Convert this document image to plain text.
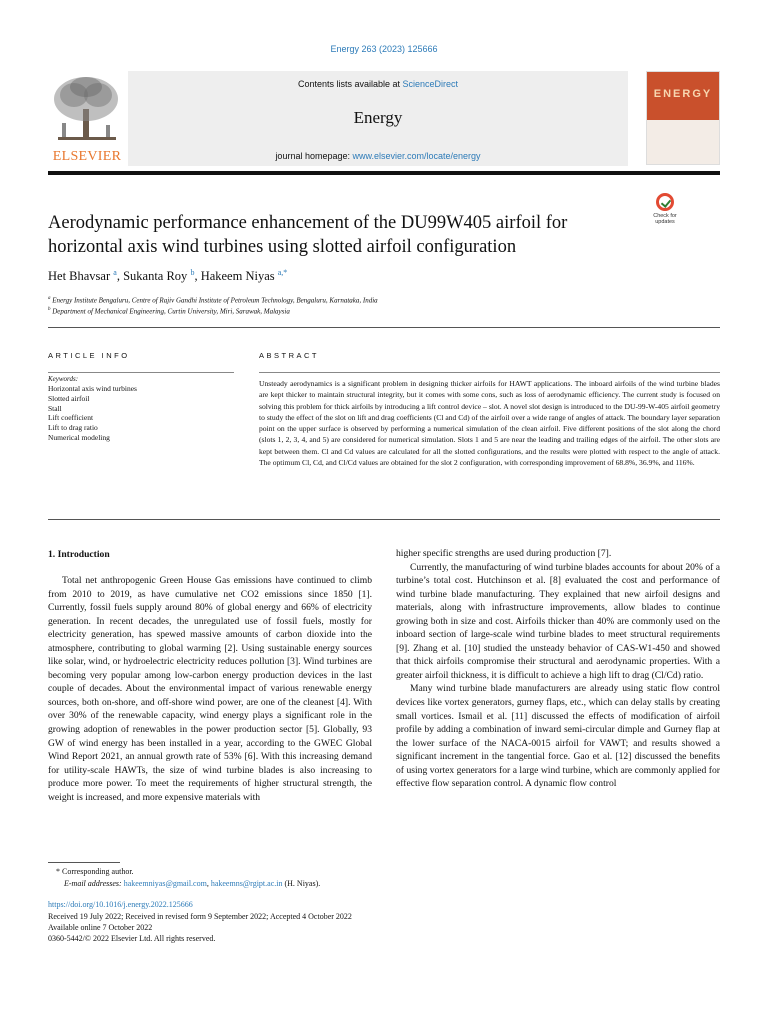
Energy 263 (2023) 125666
ELSEVIER
Contents lists available at ScienceDirect
Energy
journal homepage: www.elsevier.com/locate/energy
ENERGY
Aerodynamic performance enhancement of the DU99W405 airfoil for
horizontal axis wind turbines using slotted airfoil configuration
Check for
updates
Het Bhavsar $^a$, Sukanta Roy $^b$, Hakeem Niyas $^{a,*}$
$^a$ Energy Institute Bengaluru, Centre of Rajiv Gandhi Institute of Petroleum Technology, Bengaluru, Karnataka, India
$^b$ Department of Mechanical Engineering, Curtin University, Miri, Sarawak, Malaysia
ARTICLE INFO
Keywords:
Horizontal axis wind turbines
Slotted airfoil
Stall
Lift coefficient
Lift to drag ratio
Numerical modeling
ABSTRACT
Unsteady aerodynamics is a significant problem in designing thicker airfoils for HAWT applications. The inboard airfoils of the wind turbine blades are kept thicker to maintain structural integrity, but it comes with some cons, such as loss of aerodynamic efficiency. The current study is focused on solving this problem for thick airfoils by introducing a lift control device – slot. A novel slot design is introduced to the DU-99-W-405 airfoil geometry to study the effect of the slot on lift and drag coefficients (Cl and Cd) of the airfoil over a wide range of angles of attack. The boundary layer separation point on the upper surface is observed by performing a numerical simulation of the clean airfoil. Five different positions of the slot along the chord (slots 1, 2, 3, 4, and 5) are considered for numerical simulation. Slots 1 and 5 are near the leading and trailing edges of the airfoil. The other slots are kept between them. Cl and Cd values are calculated for all the slotted configurations, and the results were plotted with respect to the angle of attack. The optimum Cl, Cd, and Cl/Cd values are obtained for the slot 2 configuration, with corresponding improvement of 68.8%, 36.9%, and 116%.
1. Introduction

Total net anthropogenic Green House Gas emissions have continued to climb from 2010 to 2019, as have cumulative net CO2 emissions since 1850 [1]. Currently, fossil fuels supply around 80% of global energy and 66% of electricity generation. In recent decades, the unregulated use of fossil fuels, mostly for electricity generation, has spewed massive amounts of carbon dioxide into the atmosphere, contributing to global warming [2]. Using sustainable energy sources like solar, wind, or hydroelectric electricity reduces pollution [3]. Wind turbines are becoming very popular among low-carbon energy production devices in the last couple of decades. About the environmental impact of various renewable energy sources, both on-shore, and off-shore wind power, are one of the cleanest [4]. With over 30% of the renewable capacity, wind energy plays a significant role in the growing adoption of renewables in the power production sector [5]. Globally, 93 GW of wind energy has been installed in a year, according to the GWEC Global Wind Report 2021, an annual growth rate of 53% [6]. With this increasing demand for utility-scale HAWTs, the size of wind turbine blades is also increasing to produce more power. To meet the requirements of higher structural strength, the weight is increased, and more expensive materials with

higher specific strengths are used during production [7].

Currently, the manufacturing of wind turbine blades accounts for about 20% of a turbine’s total cost. Hutchinson et al. [8] evaluated the cost and performance of wind turbine blade manufacturing. They explained that new airfoil designs and materials, along with infrastructure improvements, allow blades to continue growing both in size and cost. Airfoils thicker than 40% are commonly used on the inboard section of large-scale wind turbine blades to meet structural requirements [9]. Zhang et al. [10] studied the unsteady behavior of CAS-W1-450 and showed that thick airfoils compromise their structural and aerodynamic properties. With a greater airfoil thickness, it is difficult to achieve a high lift to drag (Cl/Cd) ratio.

Many wind turbine blade manufacturers are already using static flow control devices like vortex generators, gurney flaps, etc., which can delay stalls by creating small vortices. Ismail et al. [11] discussed the effects of modification of airfoil profile by adding a combination of inward semi-circular dimple and Gurney flap at the lower surface of the NACA-0015 airfoil for VAWT; and results showed a significant increment in the tangential force. Gao et al. [12] discussed the benefits of using vortex generators for a large wind turbine, which are commonly applied for effective flow separation control. A dynamic flow control

* Corresponding author.
E-mail addresses: hakeemniyas@gmail.com, hakeemns@rgipt.ac.in (H. Niyas).
https://doi.org/10.1016/j.energy.2022.125666
Received 19 July 2022; Received in revised form 9 September 2022; Accepted 4 October 2022
Available online 7 October 2022
0360-5442/© 2022 Elsevier Ltd. All rights reserved.
